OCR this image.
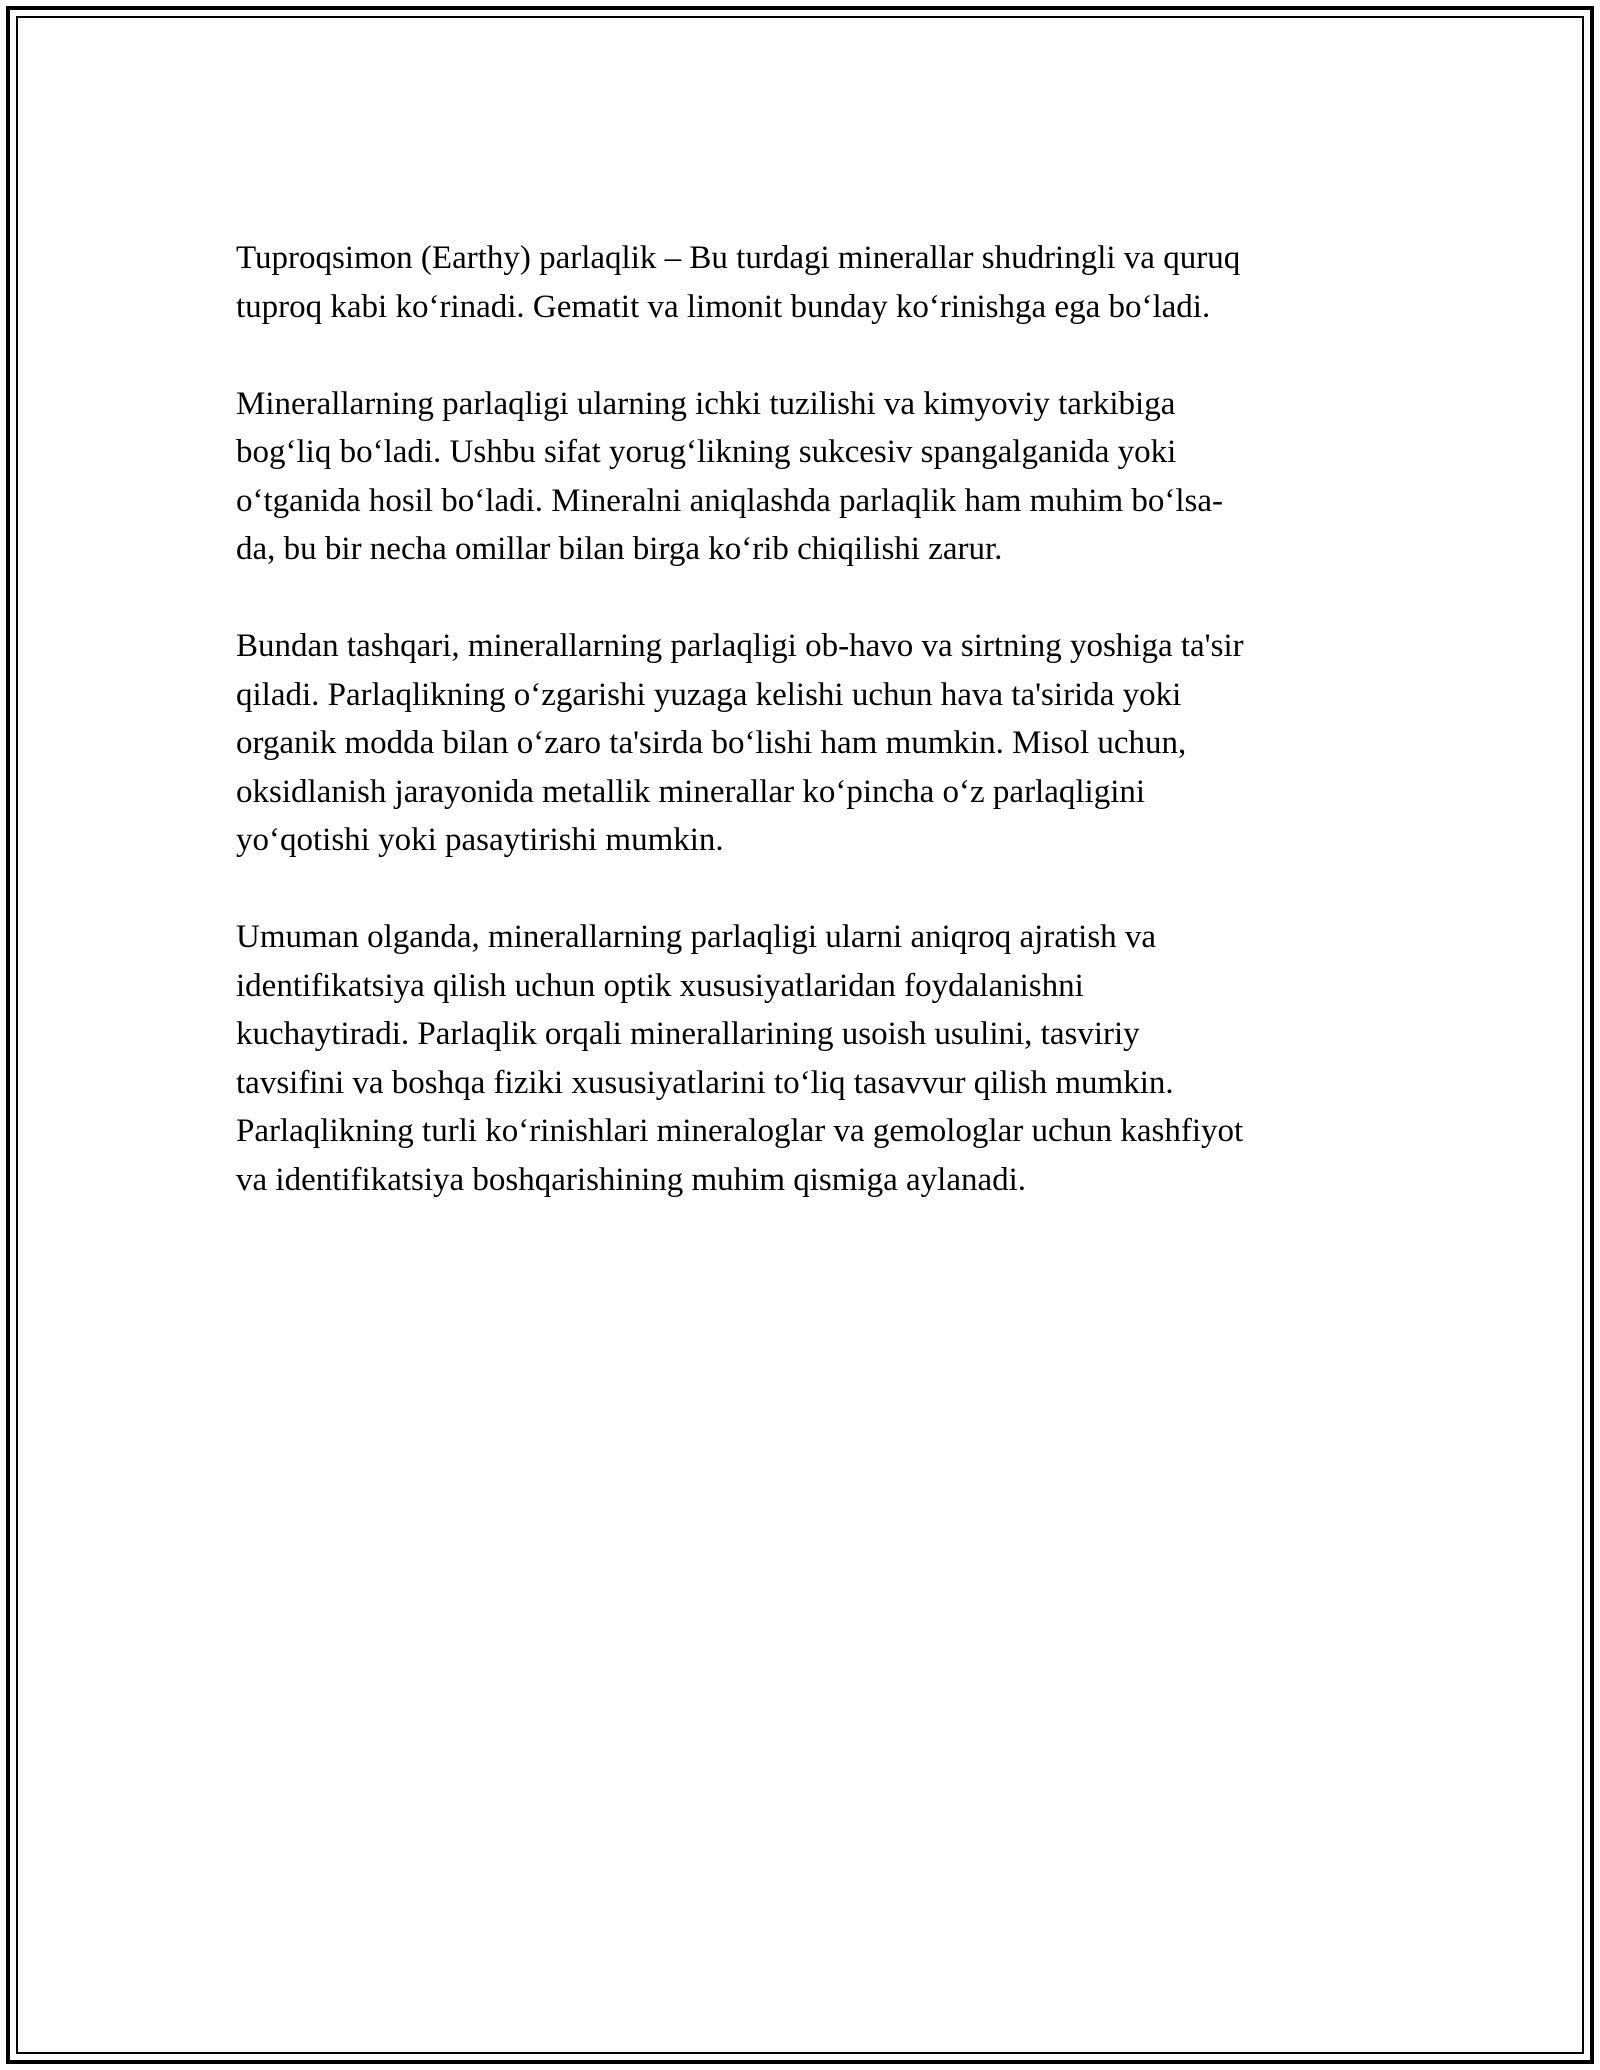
Tuproqsimon (Earthy) parlaqlik – Bu turdagi minerallar shudringli va quruq
tuproq kabi koʻrinadi. Gematit va limonit bunday koʻrinishga ega boʻladi.

Minerallarning parlaqligi ularning ichki tuzilishi va kimyoviy tarkibiga
bogʻliq boʻladi. Ushbu sifat yorugʻlikning sukcesiv spangalganida yoki
oʻtganida hosil boʻladi. Mineralni aniqlashda parlaqlik ham muhim boʻlsa-
da, bu bir necha omillar bilan birga koʻrib chiqilishi zarur.

Bundan tashqari, minerallarning parlaqligi ob-havo va sirtning yoshiga ta'sir
qiladi. Parlaqlikning oʻzgarishi yuzaga kelishi uchun hava ta'sirida yoki
organik modda bilan oʻzaro ta'sirda boʻlishi ham mumkin. Misol uchun,
oksidlanish jarayonida metallik minerallar koʻpincha oʻz parlaqligini
yoʻqotishi yoki pasaytirishi mumkin.

Umuman olganda, minerallarning parlaqligi ularni aniqroq ajratish va
identifikatsiya qilish uchun optik xususiyatlaridan foydalanishni
kuchaytiradi. Parlaqlik orqali minerallarining usoish usulini, tasviriy
tavsifini va boshqa fiziki xususiyatlarini toʻliq tasavvur qilish mumkin.
Parlaqlikning turli koʻrinishlari mineraloglar va gemologlar uchun kashfiyot
va identifikatsiya boshqarishining muhim qismiga aylanadi.
